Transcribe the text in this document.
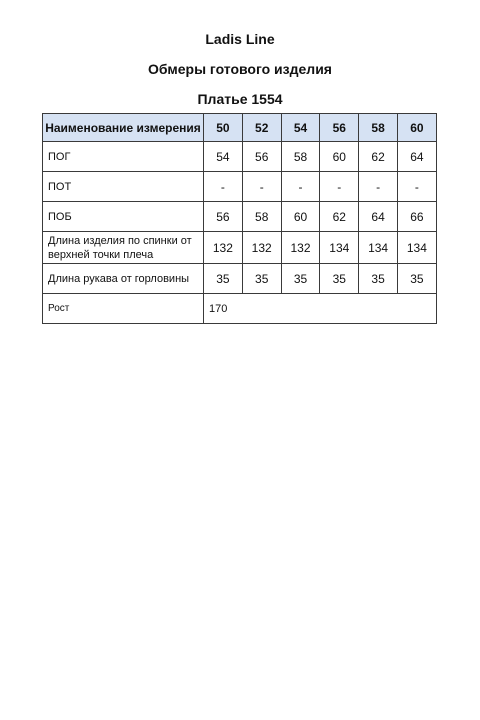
Ladis Line
Обмеры готового изделия
Платье 1554
Наименование измерения	50	52	54	56	58	60
ПОГ	54	56	58	60	62	64
ПОТ	-	-	-	-	-	-
ПОБ	56	58	60	62	64	66
Длина изделия по спинки от верхней точки плеча	132	132	132	134	134	134
Длина рукава от горловины	35	35	35	35	35	35
Рост	170					
